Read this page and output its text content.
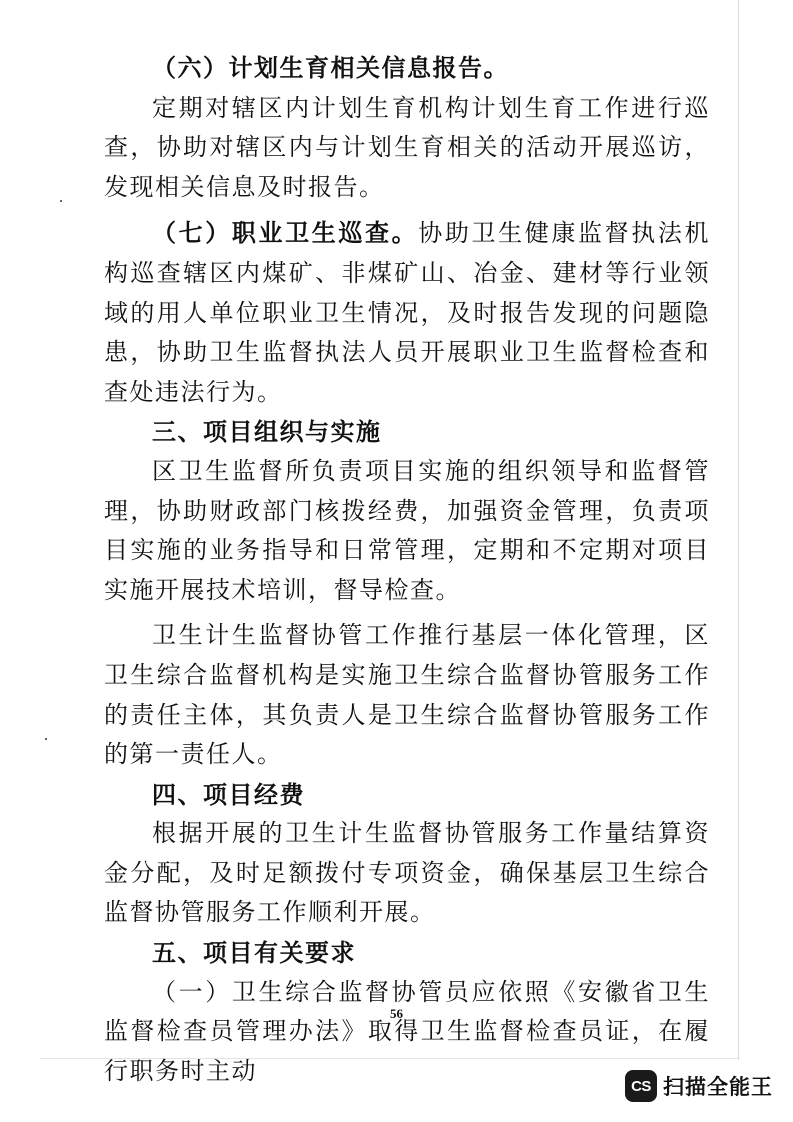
（六）计划生育相关信息报告。

定期对辖区内计划生育机构计划生育工作进行巡查，协助对辖区内与计划生育相关的活动开展巡访，发现相关信息及时报告。

（七）职业卫生巡查。协助卫生健康监督执法机构巡查辖区内煤矿、非煤矿山、冶金、建材等行业领域的用人单位职业卫生情况，及时报告发现的问题隐患，协助卫生监督执法人员开展职业卫生监督检查和查处违法行为。

三、项目组织与实施

区卫生监督所负责项目实施的组织领导和监督管理，协助财政部门核拨经费，加强资金管理，负责项目实施的业务指导和日常管理，定期和不定期对项目实施开展技术培训，督导检查。

卫生计生监督协管工作推行基层一体化管理，区卫生综合监督机构是实施卫生综合监督协管服务工作的责任主体，其负责人是卫生综合监督协管服务工作的第一责任人。

四、项目经费

根据开展的卫生计生监督协管服务工作量结算资金分配，及时足额拨付专项资金，确保基层卫生综合监督协管服务工作顺利开展。

五、项目有关要求

（一）卫生综合监督协管员应依照《安徽省卫生监督检查员管理办法》取得卫生监督检查员证，在履行职务时主动

56
CS 扫描全能王
